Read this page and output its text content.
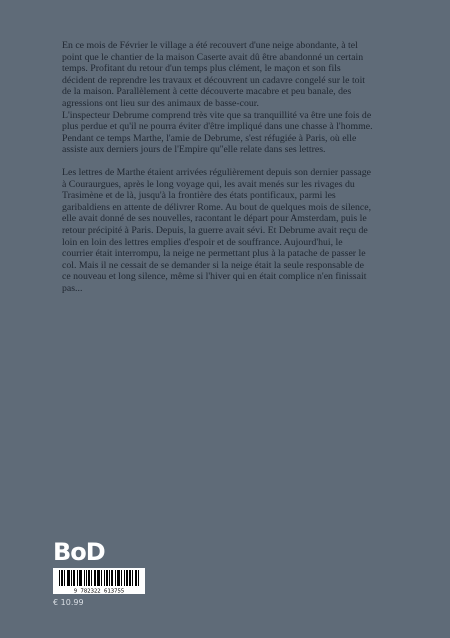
En ce mois de Février le village a été recouvert d'une neige abondante, à tel point que le chantier de la maison Caserte avait dû être abandonné un certain temps. Profitant du retour d'un temps plus clément, le maçon et son fils décident de reprendre les travaux et découvrent un cadavre congelé sur le toit de la maison. Parallèlement à cette découverte macabre et peu banale, des agressions ont lieu sur des animaux de basse-cour.

L'inspecteur Debrume comprend très vite que sa tranquillité va être une fois de plus perdue et qu'il ne pourra éviter d'être impliqué dans une chasse à l'homme.

Pendant ce temps Marthe, l'amie de Debrume, s'est réfugiée à Paris, où elle assiste aux derniers jours de l'Empire qu''elle relate dans ses lettres.

Les lettres de Marthe étaient arrivées régulièrement depuis son dernier passage à Couraurgues, après le long voyage qui, les avait menés sur les rivages du Trasimène et de là, jusqu'à la frontière des états pontificaux, parmi les garibaldiens en attente de délivrer Rome. Au bout de quelques mois de silence, elle avait donné de ses nouvelles, racontant le départ pour Amsterdam, puis le retour précipité à Paris. Depuis, la guerre avait sévi. Et Debrume avait reçu de loin en loin des lettres emplies d'espoir et de souffrance. Aujourd'hui, le courrier était interrompu, la neige ne permettant plus à la patache de passer le col. Mais il ne cessait de se demander si la neige était la seule responsable de ce nouveau et long silence, même si l'hiver qui en était complice n'en finissait pas...

BoD
9 782322 613755
€ 10.99
